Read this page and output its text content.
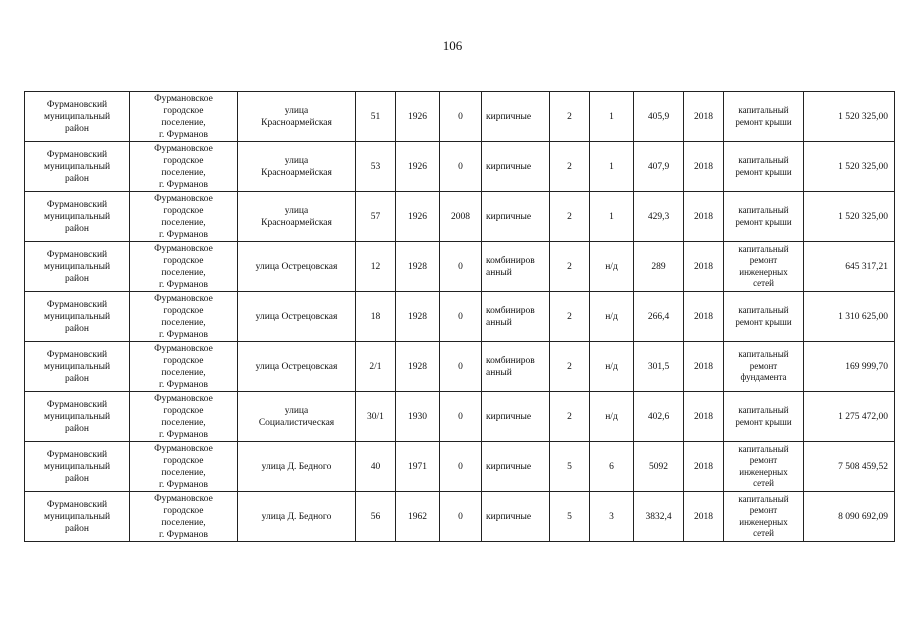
106
Фурмановский
муниципальный
район	Фурмановское
городское
поселение,
г. Фурманов	улица
Красноармейская	51	1926	0	кирпичные	2	1	405,9	2018	капитальный
ремонт крыши	1 520 325,00
Фурмановский
муниципальный
район	Фурмановское
городское
поселение,
г. Фурманов	улица
Красноармейская	53	1926	0	кирпичные	2	1	407,9	2018	капитальный
ремонт крыши	1 520 325,00
Фурмановский
муниципальный
район	Фурмановское
городское
поселение,
г. Фурманов	улица
Красноармейская	57	1926	2008	кирпичные	2	1	429,3	2018	капитальный
ремонт крыши	1 520 325,00
Фурмановский
муниципальный
район	Фурмановское
городское
поселение,
г. Фурманов	улица Острецовская	12	1928	0	комбиниров
анный	2	н/д	289	2018	капитальный
ремонт
инженерных
сетей	645 317,21
Фурмановский
муниципальный
район	Фурмановское
городское
поселение,
г. Фурманов	улица Острецовская	18	1928	0	комбиниров
анный	2	н/д	266,4	2018	капитальный
ремонт крыши	1 310 625,00
Фурмановский
муниципальный
район	Фурмановское
городское
поселение,
г. Фурманов	улица Острецовская	2/1	1928	0	комбиниров
анный	2	н/д	301,5	2018	капитальный
ремонт
фундамента	169 999,70
Фурмановский
муниципальный
район	Фурмановское
городское
поселение,
г. Фурманов	улица
Социалистическая	30/1	1930	0	кирпичные	2	н/д	402,6	2018	капитальный
ремонт крыши	1 275 472,00
Фурмановский
муниципальный
район	Фурмановское
городское
поселение,
г. Фурманов	улица Д. Бедного	40	1971	0	кирпичные	5	6	5092	2018	капитальный
ремонт
инженерных
сетей	7 508 459,52
Фурмановский
муниципальный
район	Фурмановское
городское
поселение,
г. Фурманов	улица Д. Бедного	56	1962	0	кирпичные	5	3	3832,4	2018	капитальный
ремонт
инженерных
сетей	8 090 692,09
